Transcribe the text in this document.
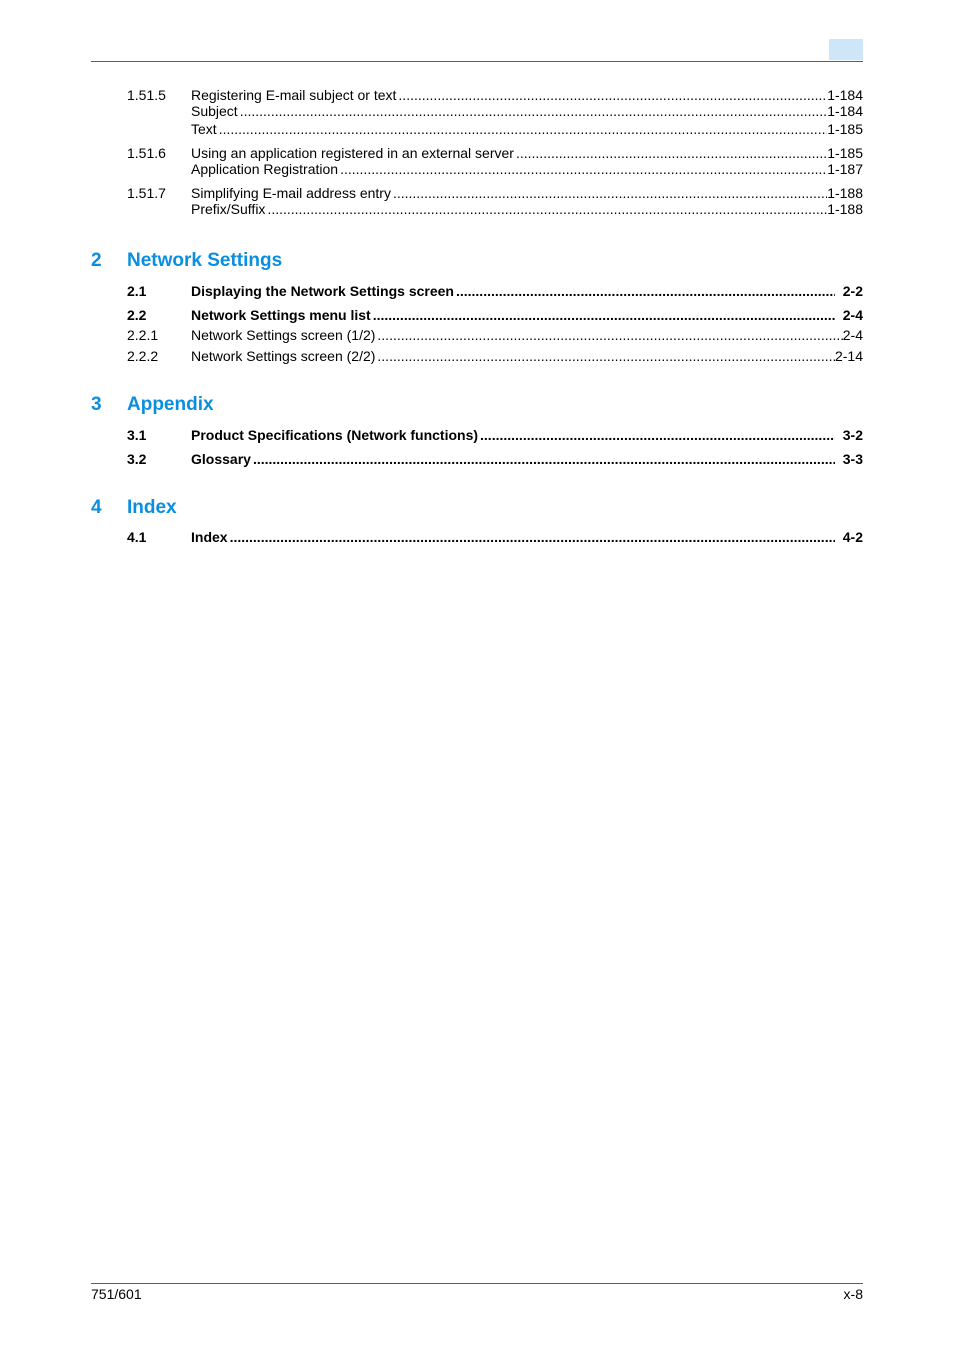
1.51.5 Registering E-mail subject or text .....	1-184
Subject .....	1-184
Text .....	1-185
1.51.6 Using an application registered in an external server .....	1-185
Application Registration .....	1-187
1.51.7 Simplifying E-mail address entry .....	1-188
Prefix/Suffix .....	1-188
2 Network Settings
2.1	Displaying the Network Settings screen .....	2-2
2.2	Network Settings menu list .....	2-4
2.2.1 Network Settings screen (1/2) .....	2-4
2.2.2 Network Settings screen (2/2) .....	2-14
3 Appendix
3.1	Product Specifications (Network functions) .....	3-2
3.2	Glossary .....	3-3
4 Index
4.1	Index .....	4-2
751/601	x-8
